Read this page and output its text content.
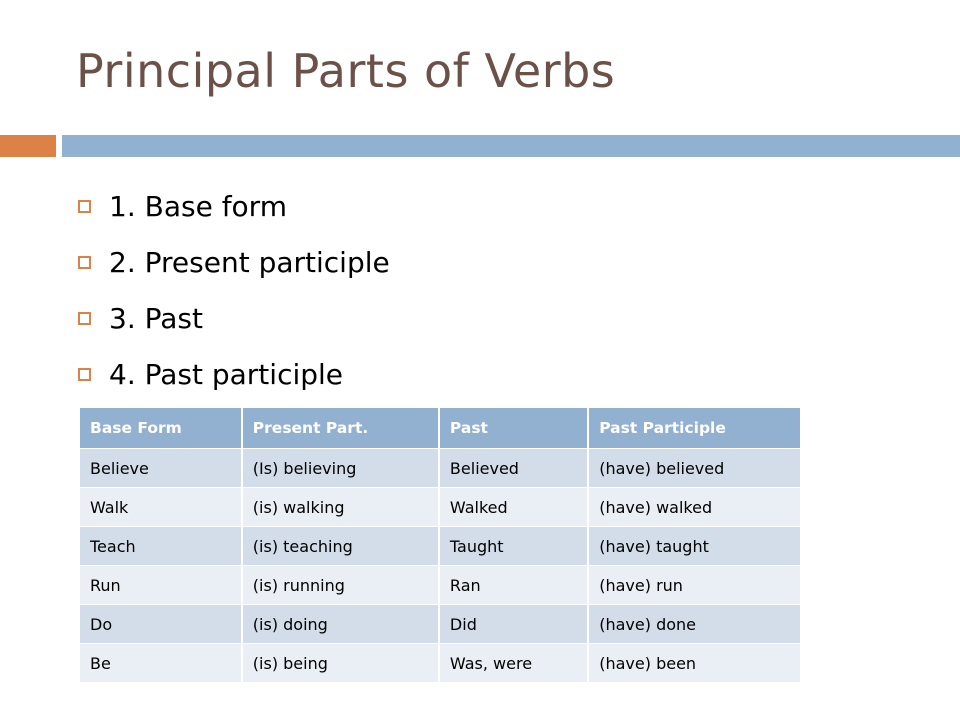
Principal Parts of Verbs
1. Base form
2. Present participle
3. Past
4. Past participle
Base Form	Present Part.	Past	Past Participle
Believe	(Is) believing	Believed	(have) believed
Walk	(is) walking	Walked	(have) walked
Teach	(is) teaching	Taught	(have) taught
Run	(is) running	Ran	(have) run
Do	(is) doing	Did	(have) done
Be	(is) being	Was, were	(have) been
